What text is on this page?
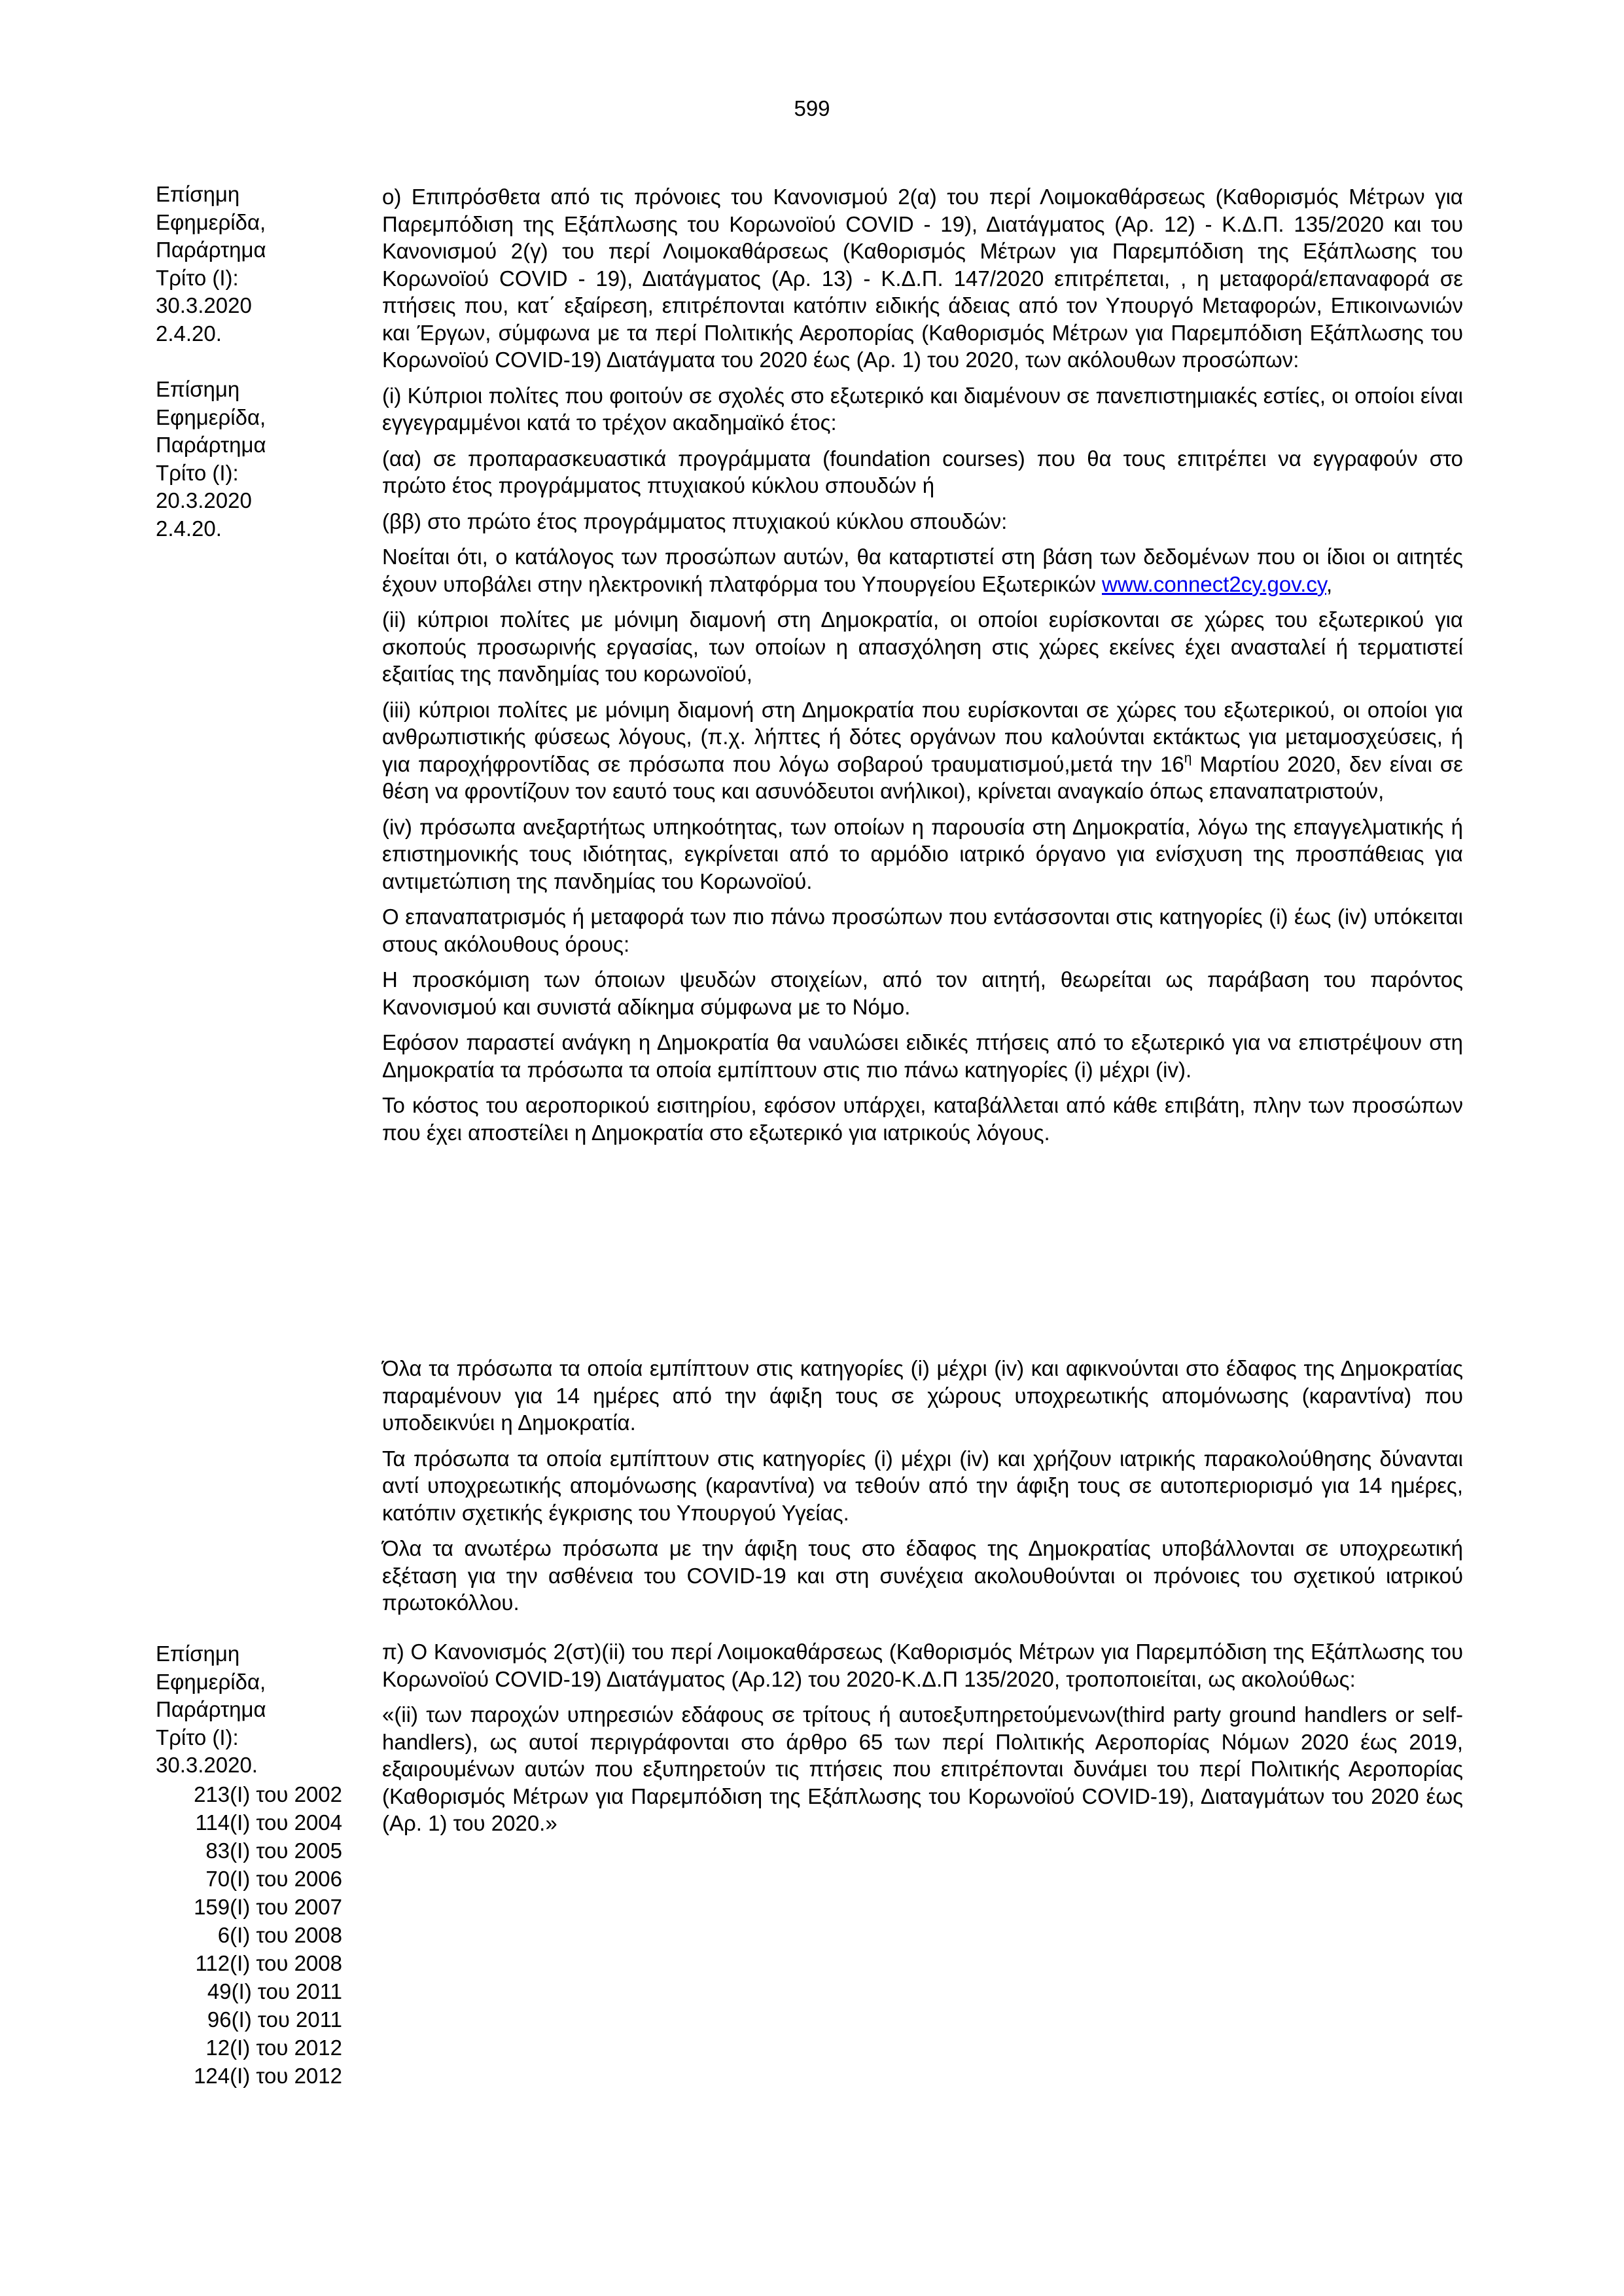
599
Επίσημη
Εφημερίδα,
Παράρτημα
Τρίτο (Ι):
30.3.2020
2.4.20.
Επίσημη
Εφημερίδα,
Παράρτημα
Τρίτο (Ι):
20.3.2020
2.4.20.
Επίσημη
Εφημερίδα,
Παράρτημα
Τρίτο (Ι):
30.3.2020.
213(Ι) του 2002
114(Ι) του 2004
83(Ι) του 2005
70(Ι) του 2006
159(Ι) του 2007
6(Ι) του 2008
112(Ι) του 2008
49(Ι) του 2011
96(Ι) του 2011
12(Ι) του 2012
124(Ι) του 2012

ο) Επιπρόσθετα από τις πρόνοιες του Κανονισμού 2(α) του περί Λοιμοκαθάρσεως (Καθορισμός Μέτρων για Παρεμπόδιση της Εξάπλωσης του Κορωνοϊού COVID - 19), Διατάγματος (Αρ. 12) - Κ.Δ.Π. 135/2020 και του Κανονισμού 2(γ) του περί Λοιμοκαθάρσεως (Καθορισμός Μέτρων για Παρεμπόδιση της Εξάπλωσης του Κορωνοϊού COVID - 19), Διατάγματος (Αρ. 13) - Κ.Δ.Π. 147/2020 επιτρέπεται, , η μεταφορά/επαναφορά σε πτήσεις που, κατ΄ εξαίρεση, επιτρέπονται κατόπιν ειδικής άδειας από τον Υπουργό Μεταφορών, Επικοινωνιών και Έργων, σύμφωνα με τα περί Πολιτικής Αεροπορίας (Καθορισμός Μέτρων για Παρεμπόδιση Εξάπλωσης του Κορωνοϊού COVID-19) Διατάγματα του 2020 έως (Αρ. 1) του 2020, των ακόλουθων προσώπων:

(i) Κύπριοι πολίτες που φοιτούν σε σχολές στο εξωτερικό και διαμένουν σε πανεπιστημιακές εστίες, οι οποίοι είναι εγγεγραμμένοι κατά το τρέχον ακαδημαϊκό έτος:

(αα) σε προπαρασκευαστικά προγράμματα (foundation courses) που θα τους επιτρέπει να εγγραφούν στο πρώτο έτος προγράμματος πτυχιακού κύκλου σπουδών ή

(ββ) στο πρώτο έτος προγράμματος πτυχιακού κύκλου σπουδών:

Νοείται ότι, ο κατάλογος των προσώπων αυτών, θα καταρτιστεί στη βάση των δεδομένων που οι ίδιοι οι αιτητές έχουν υποβάλει στην ηλεκτρονική πλατφόρμα του Υπουργείου Εξωτερικών www.connect2cy.gov.cy,

(ii) κύπριοι πολίτες με μόνιμη διαμονή στη Δημοκρατία, οι οποίοι ευρίσκονται σε χώρες του εξωτερικού για σκοπούς προσωρινής εργασίας, των οποίων η απασχόληση στις χώρες εκείνες έχει ανασταλεί ή τερματιστεί εξαιτίας της πανδημίας του κορωνοϊού,

(iii) κύπριοι πολίτες με μόνιμη διαμονή στη Δημοκρατία που ευρίσκονται σε χώρες του εξωτερικού, οι οποίοι για ανθρωπιστικής φύσεως λόγους, (π.χ. λήπτες ή δότες οργάνων που καλούνται εκτάκτως για μεταμοσχεύσεις, ή για παροχήφροντίδας σε πρόσωπα που λόγω σοβαρού τραυματισμού,μετά την $16^\eta$ Μαρτίου 2020, δεν είναι σε θέση να φροντίζουν τον εαυτό τους και ασυνόδευτοι ανήλικοι), κρίνεται αναγκαίο όπως επαναπατριστούν,

(iv) πρόσωπα ανεξαρτήτως υπηκοότητας, των οποίων η παρουσία στη Δημοκρατία, λόγω της επαγγελματικής ή επιστημονικής τους ιδιότητας, εγκρίνεται από το αρμόδιο ιατρικό όργανο για ενίσχυση της προσπάθειας για αντιμετώπιση της πανδημίας του Κορωνοϊού.

Ο επαναπατρισμός ή μεταφορά των πιο πάνω προσώπων που εντάσσονται στις κατηγορίες (i) έως (iv) υπόκειται στους ακόλουθους όρους:

Η προσκόμιση των όποιων ψευδών στοιχείων, από τον αιτητή, θεωρείται ως παράβαση του παρόντος Κανονισμού και συνιστά αδίκημα σύμφωνα με το Νόμο.

Εφόσον παραστεί ανάγκη η Δημοκρατία θα ναυλώσει ειδικές πτήσεις από το εξωτερικό για να επιστρέψουν στη Δημοκρατία τα πρόσωπα τα οποία εμπίπτουν στις πιο πάνω κατηγορίες (i) μέχρι (iv).

Το κόστος του αεροπορικού εισιτηρίου, εφόσον υπάρχει, καταβάλλεται από κάθε επιβάτη, πλην των προσώπων που έχει αποστείλει η Δημοκρατία στο εξωτερικό για ιατρικούς λόγους.

Όλα τα πρόσωπα τα οποία εμπίπτουν στις κατηγορίες (i) μέχρι (iv) και αφικνούνται στο έδαφος της Δημοκρατίας παραμένουν για 14 ημέρες από την άφιξη τους σε χώρους υποχρεωτικής απομόνωσης (καραντίνα) που υποδεικνύει η Δημοκρατία.

Τα πρόσωπα τα οποία εμπίπτουν στις κατηγορίες (i) μέχρι (iv) και χρήζουν ιατρικής παρακολούθησης δύνανται αντί υποχρεωτικής απομόνωσης (καραντίνα) να τεθούν από την άφιξη τους σε αυτοπεριορισμό για 14 ημέρες, κατόπιν σχετικής έγκρισης του Υπουργού Υγείας.

Όλα τα ανωτέρω πρόσωπα με την άφιξη τους στο έδαφος της Δημοκρατίας υποβάλλονται σε υποχρεωτική εξέταση για την ασθένεια του COVID-19 και στη συνέχεια ακολουθούνται οι πρόνοιες του σχετικού ιατρικού πρωτοκόλλου.

π) Ο Κανονισμός 2(στ)(ii) του περί Λοιμοκαθάρσεως (Καθορισμός Μέτρων για Παρεμπόδιση της Εξάπλωσης του Κορωνοϊού COVID-19) Διατάγματος (Αρ.12) του 2020-Κ.Δ.Π 135/2020, τροποποιείται, ως ακολούθως:

«(ii) των παροχών υπηρεσιών εδάφους σε τρίτους ή αυτοεξυπηρετούμενων(third party ground handlers or self-handlers), ως αυτοί περιγράφονται στο άρθρο 65 των περί Πολιτικής Αεροπορίας Νόμων 2020 έως 2019, εξαιρουμένων αυτών που εξυπηρετούν τις πτήσεις που επιτρέπονται δυνάμει του περί Πολιτικής Αεροπορίας (Καθορισμός Μέτρων για Παρεμπόδιση της Εξάπλωσης του Κορωνοϊού COVID-19), Διαταγμάτων του 2020 έως (Αρ. 1) του 2020.»
